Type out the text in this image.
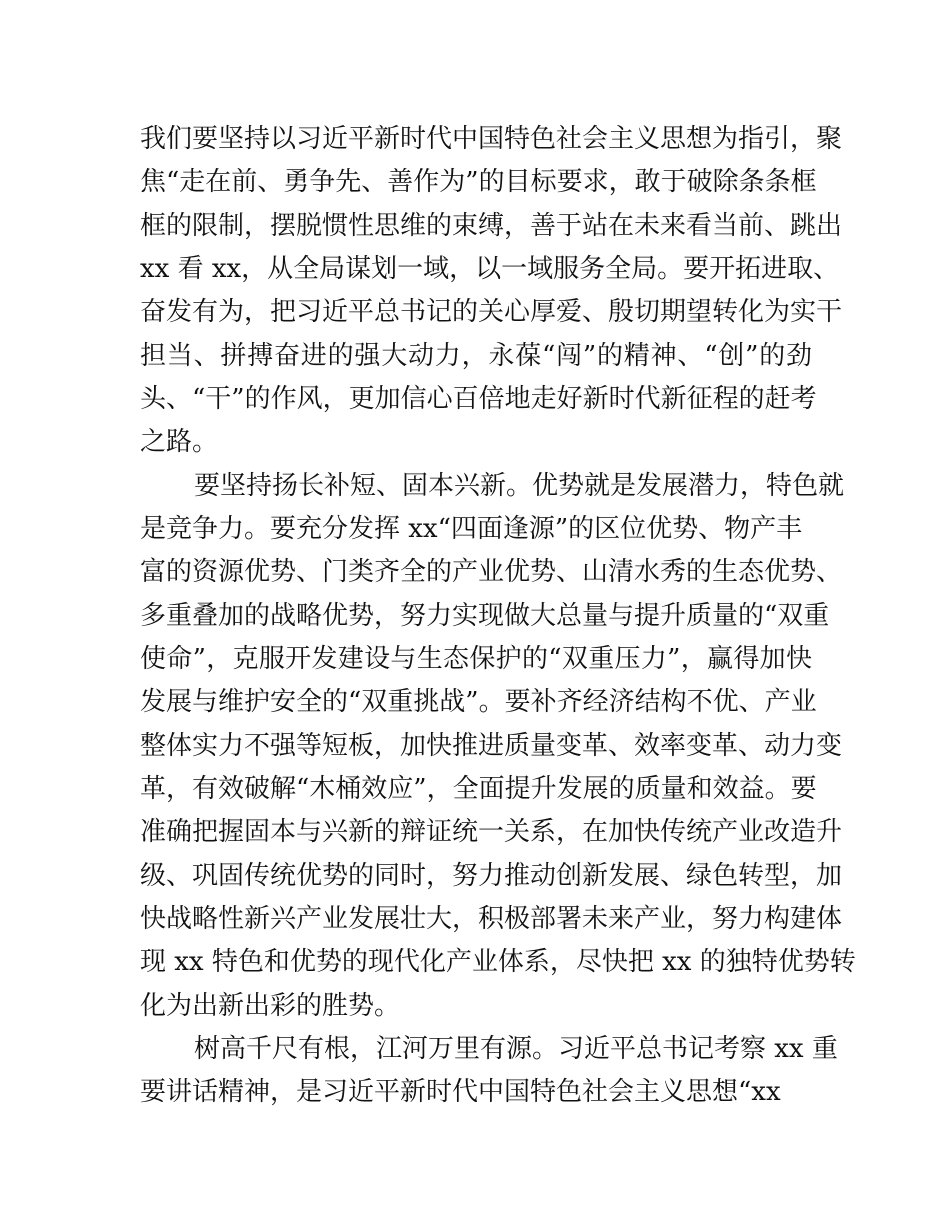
我们要坚持以习近平新时代中国特色社会主义思想为指引，聚
焦“走在前、勇争先、善作为”的目标要求，敢于破除条条框
框的限制，摆脱惯性思维的束缚，善于站在未来看当前、跳出
xx 看 xx，从全局谋划一域，以一域服务全局。要开拓进取、
奋发有为，把习近平总书记的关心厚爱、殷切期望转化为实干
担当、拼搏奋进的强大动力，永葆“闯”的精神、“创”的劲
头、“干”的作风，更加信心百倍地走好新时代新征程的赶考
之路。
要坚持扬长补短、固本兴新。优势就是发展潜力，特色就
是竞争力。要充分发挥 xx“四面逢源”的区位优势、物产丰
富的资源优势、门类齐全的产业优势、山清水秀的生态优势、
多重叠加的战略优势，努力实现做大总量与提升质量的“双重
使命”，克服开发建设与生态保护的“双重压力”，赢得加快
发展与维护安全的“双重挑战”。要补齐经济结构不优、产业
整体实力不强等短板，加快推进质量变革、效率变革、动力变
革，有效破解“木桶效应”，全面提升发展的质量和效益。要
准确把握固本与兴新的辩证统一关系，在加快传统产业改造升
级、巩固传统优势的同时，努力推动创新发展、绿色转型，加
快战略性新兴产业发展壮大，积极部署未来产业，努力构建体
现 xx 特色和优势的现代化产业体系，尽快把 xx 的独特优势转
化为出新出彩的胜势。
树高千尺有根，江河万里有源。习近平总书记考察 xx 重
要讲话精神，是习近平新时代中国特色社会主义思想“xx
